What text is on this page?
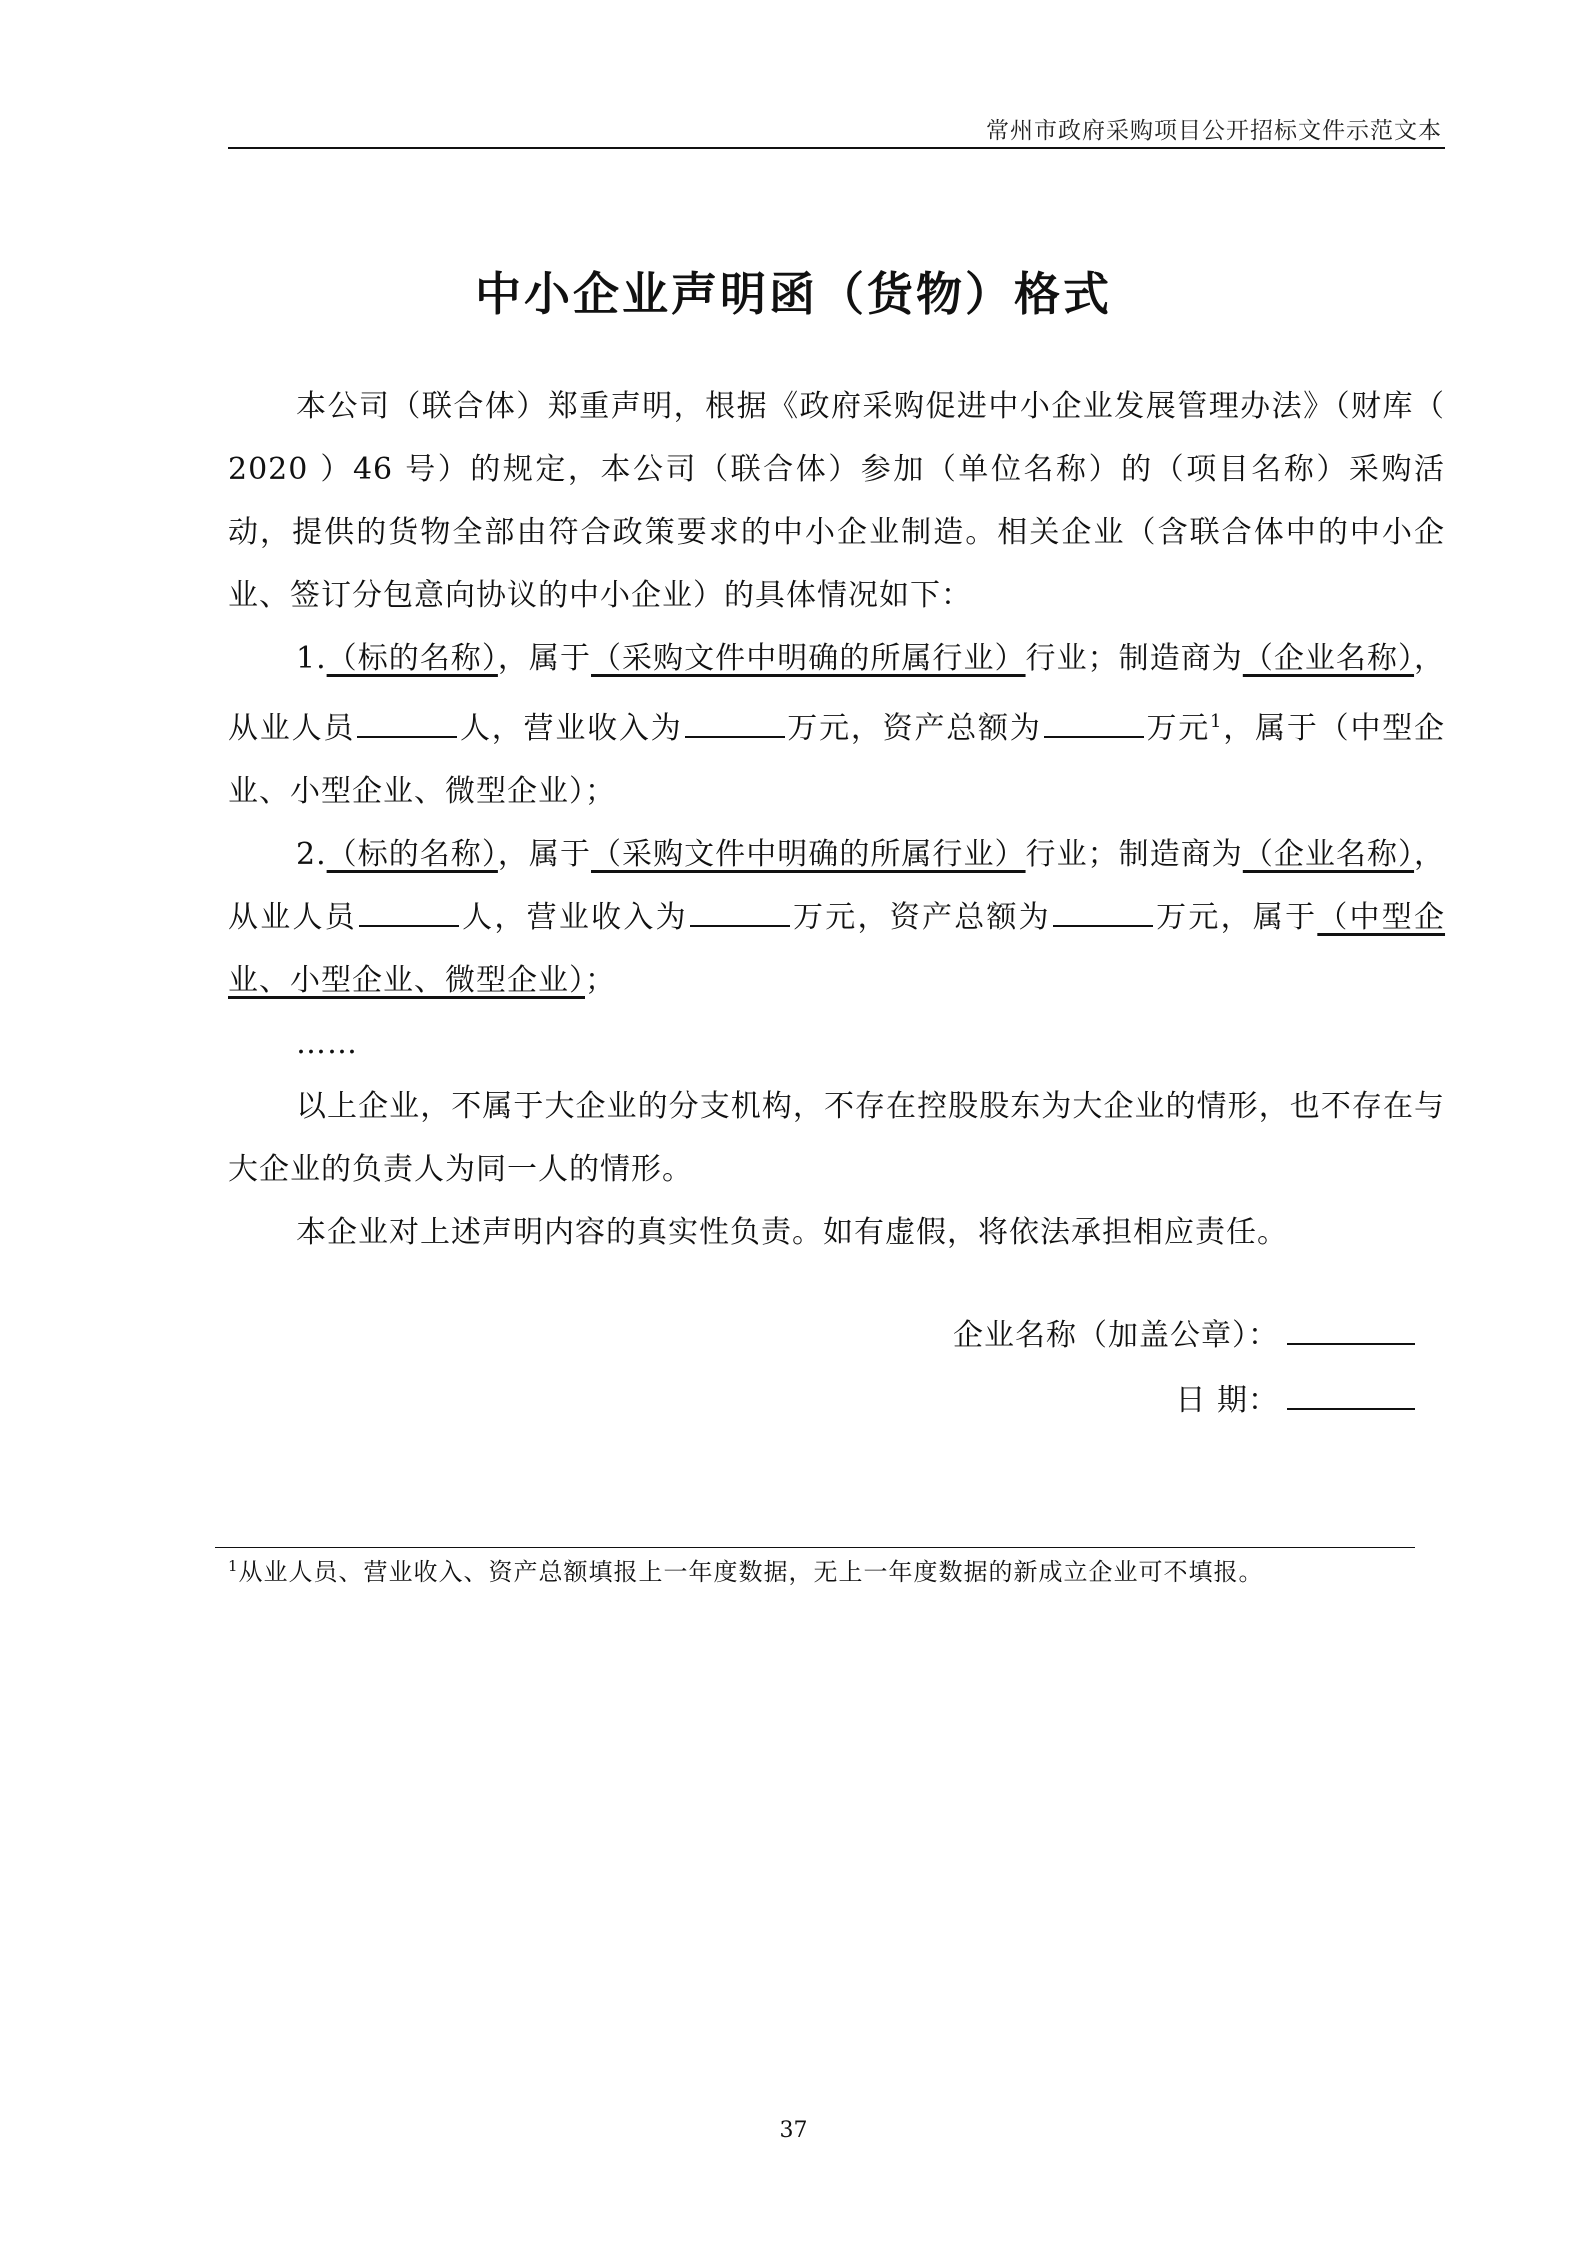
常州市政府采购项目公开招标文件示范文本
中小企业声明函（货物）格式

本公司（联合体）郑重声明，根据《政府采购促进中小企业发展管理办法》（财库（ 2020 ）46 号）的规定，本公司（联合体）参加（单位名称）的（项目名称）采购活动，提供的货物全部由符合政策要求的中小企业制造。相关企业（含联合体中的中小企业、签订分包意向协议的中小企业）的具体情况如下：

1.（标的名称），属于（采购文件中明确的所属行业）行业；制造商为（企业名称），从业人员	人，营业收入为	万元，资产总额为	万元$^1$，属于（中型企业、小型企业、微型企业）；

2.（标的名称），属于（采购文件中明确的所属行业）行业；制造商为（企业名称），从业人员	人，营业收入为	万元，资产总额为	万元，属于（中型企业、小型企业、微型企业）；

……

以上企业，不属于大企业的分支机构，不存在控股股东为大企业的情形，也不存在与大企业的负责人为同一人的情形。

本企业对上述声明内容的真实性负责。如有虚假，将依法承担相应责任。

企业名称（加盖公章）：
日 期：
$^1$从业人员、营业收入、资产总额填报上一年度数据，无上一年度数据的新成立企业可不填报。
37
